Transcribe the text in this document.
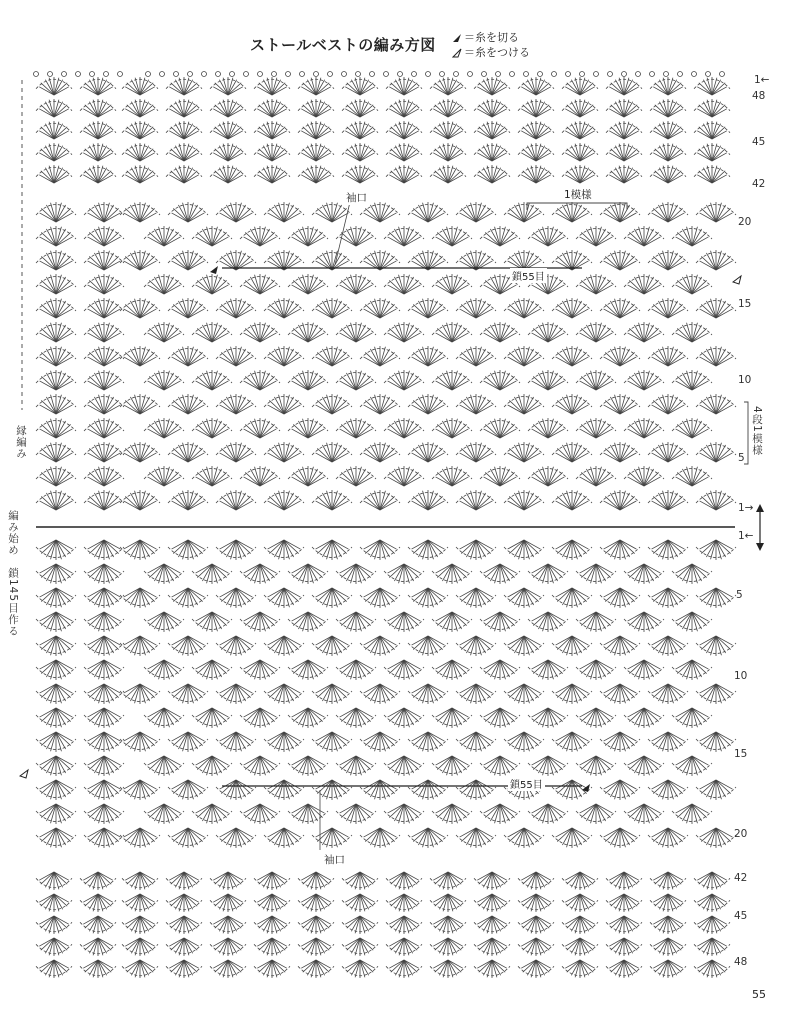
ストールベストの編み方図	＝糸を切る
＝糸をつける
1←
48
45
42
20
15
10
5
1→
1←
5
10
15
20
42
45
48
袖口
袖口
1模様
鎖55目
鎖55目
縁編み
編み始め　鎖145目作る
4段1模様
55
